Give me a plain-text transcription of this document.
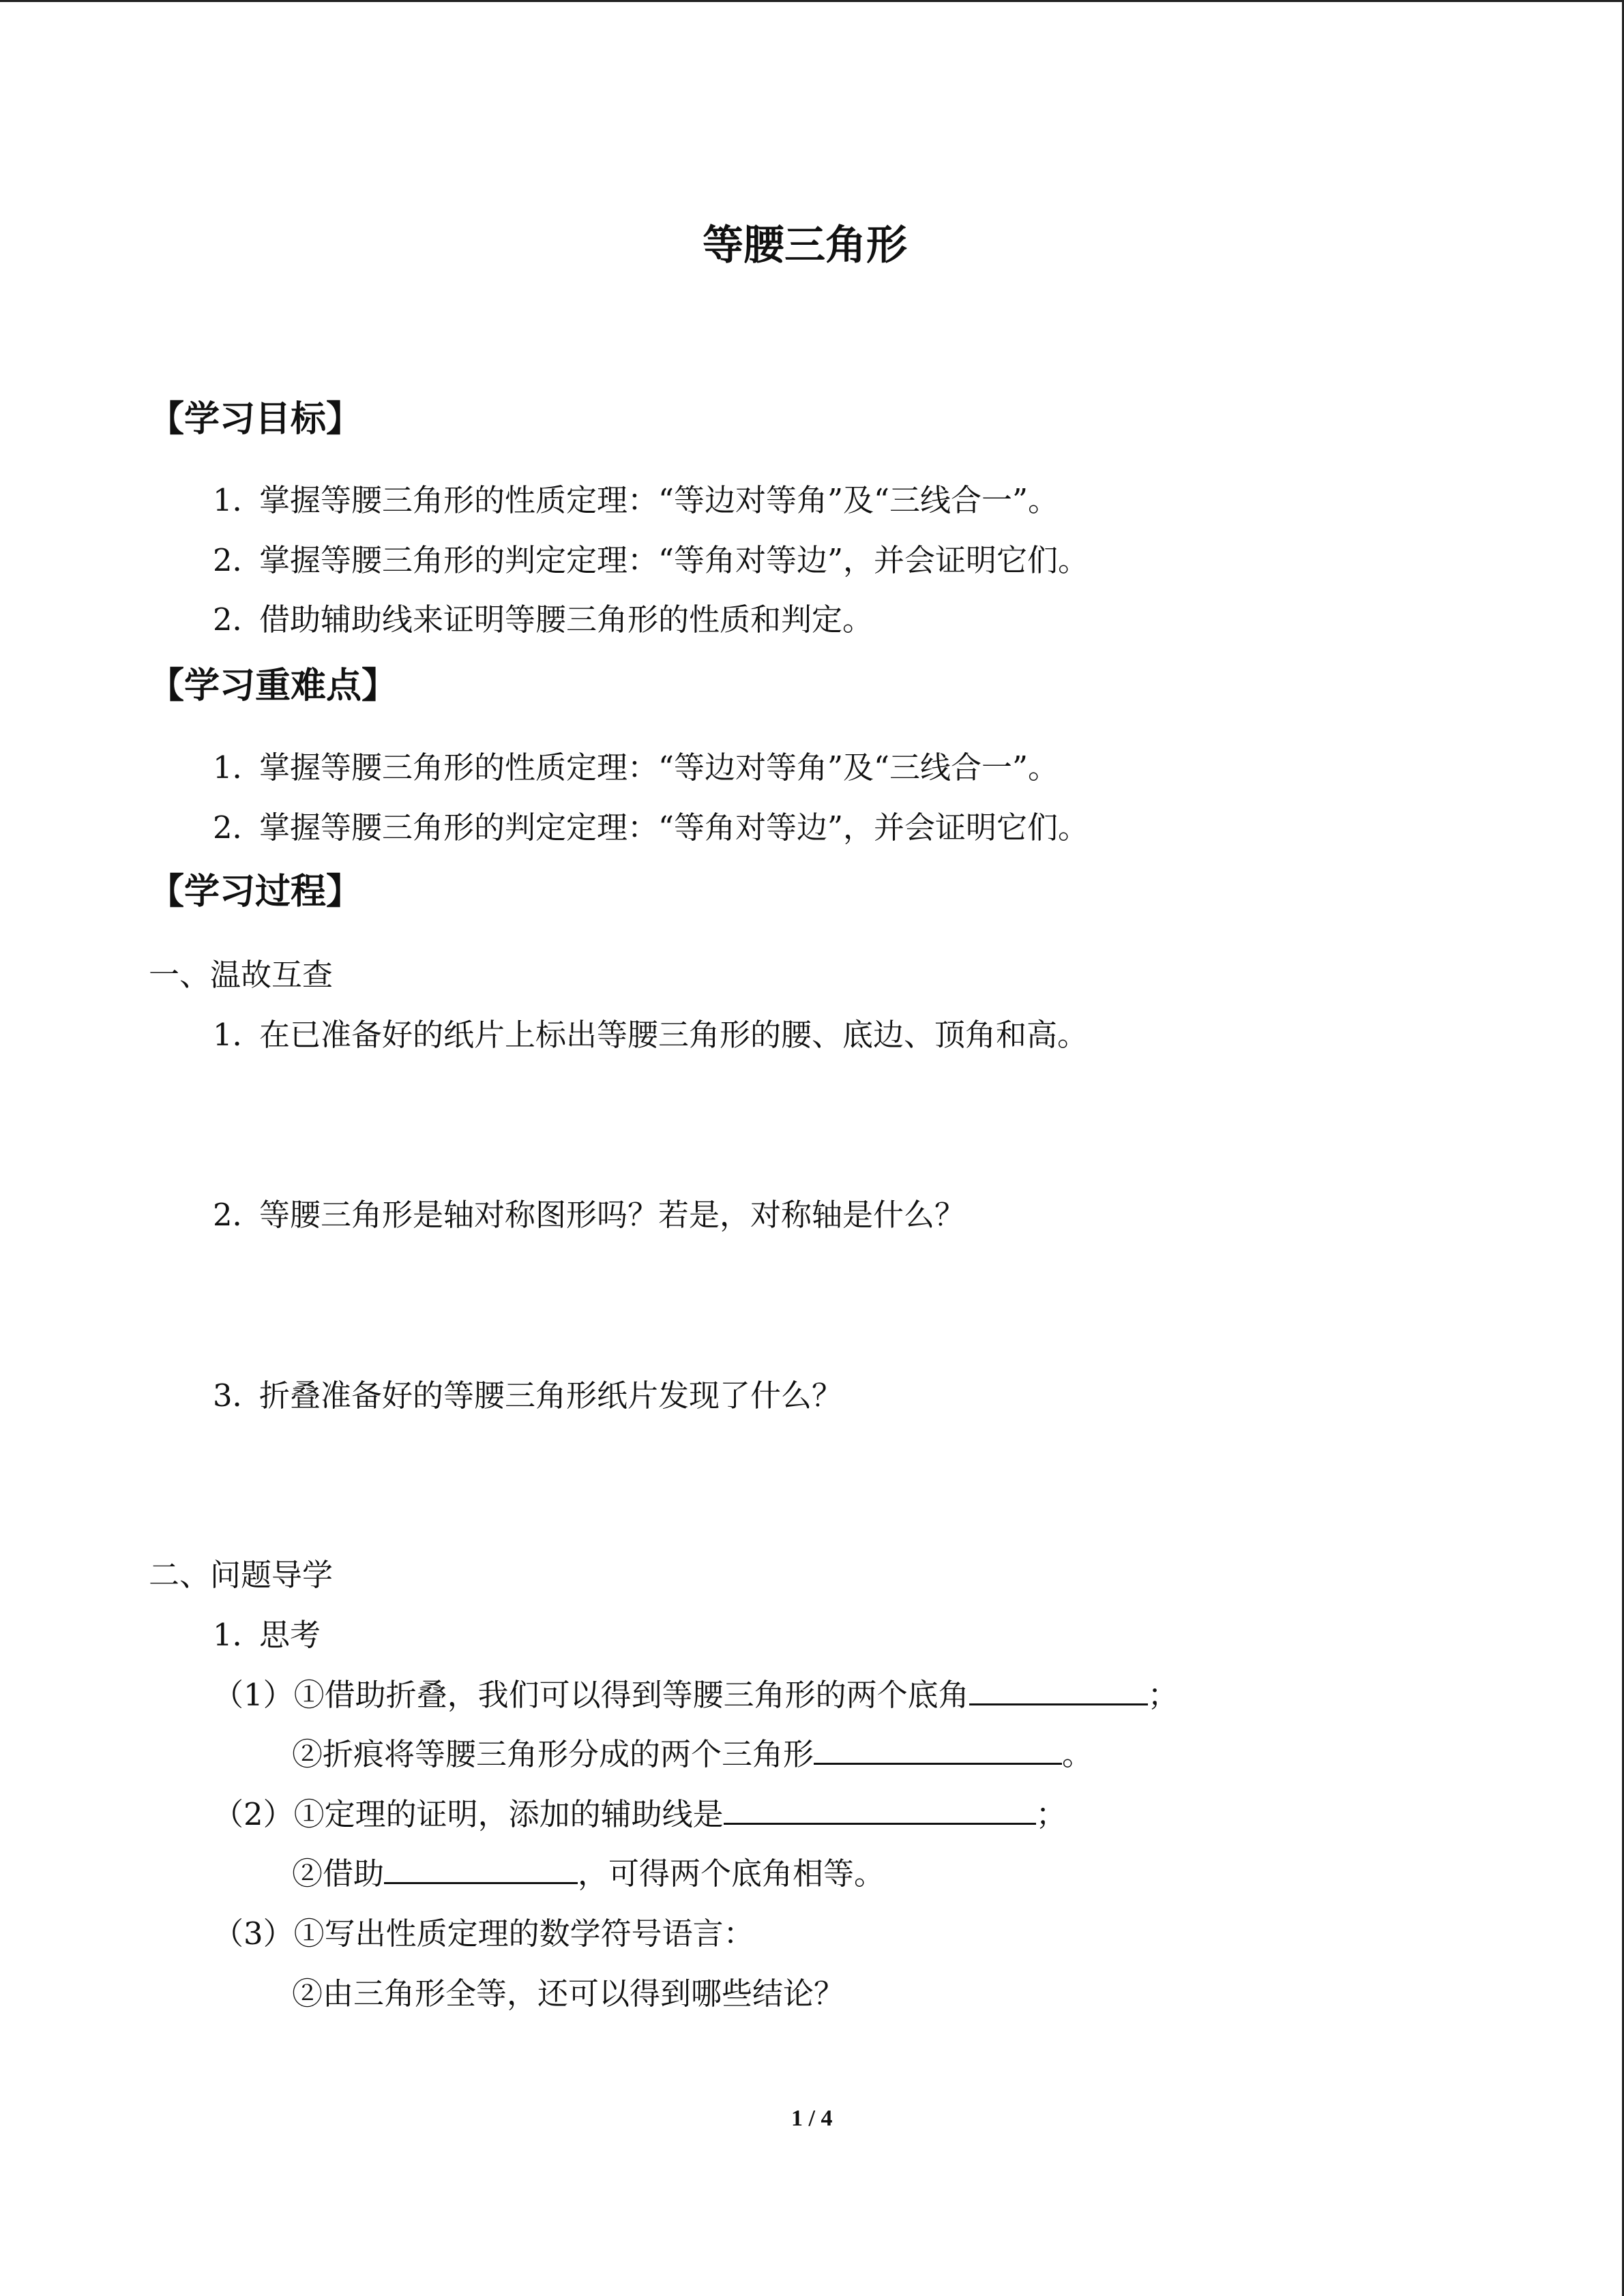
等腰三角形
【学习目标】
1．掌握等腰三角形的性质定理：“等边对等角”及“三线合一”。
2．掌握等腰三角形的判定定理：“等角对等边”，并会证明它们。
2．借助辅助线来证明等腰三角形的性质和判定。
【学习重难点】
1．掌握等腰三角形的性质定理：“等边对等角”及“三线合一”。
2．掌握等腰三角形的判定定理：“等角对等边”，并会证明它们。
【学习过程】
一、温故互查
1．在已准备好的纸片上标出等腰三角形的腰、底边、顶角和高。
2．等腰三角形是轴对称图形吗？若是，对称轴是什么？
3．折叠准备好的等腰三角形纸片发现了什么？
二、问题导学
1．思考
（1）①借助折叠，我们可以得到等腰三角形的两个底角	；
②折痕将等腰三角形分成的两个三角形	。
（2）①定理的证明，添加的辅助线是	；
②借助	，可得两个底角相等。
（3）①写出性质定理的数学符号语言：
②由三角形全等，还可以得到哪些结论？
1 / 4
